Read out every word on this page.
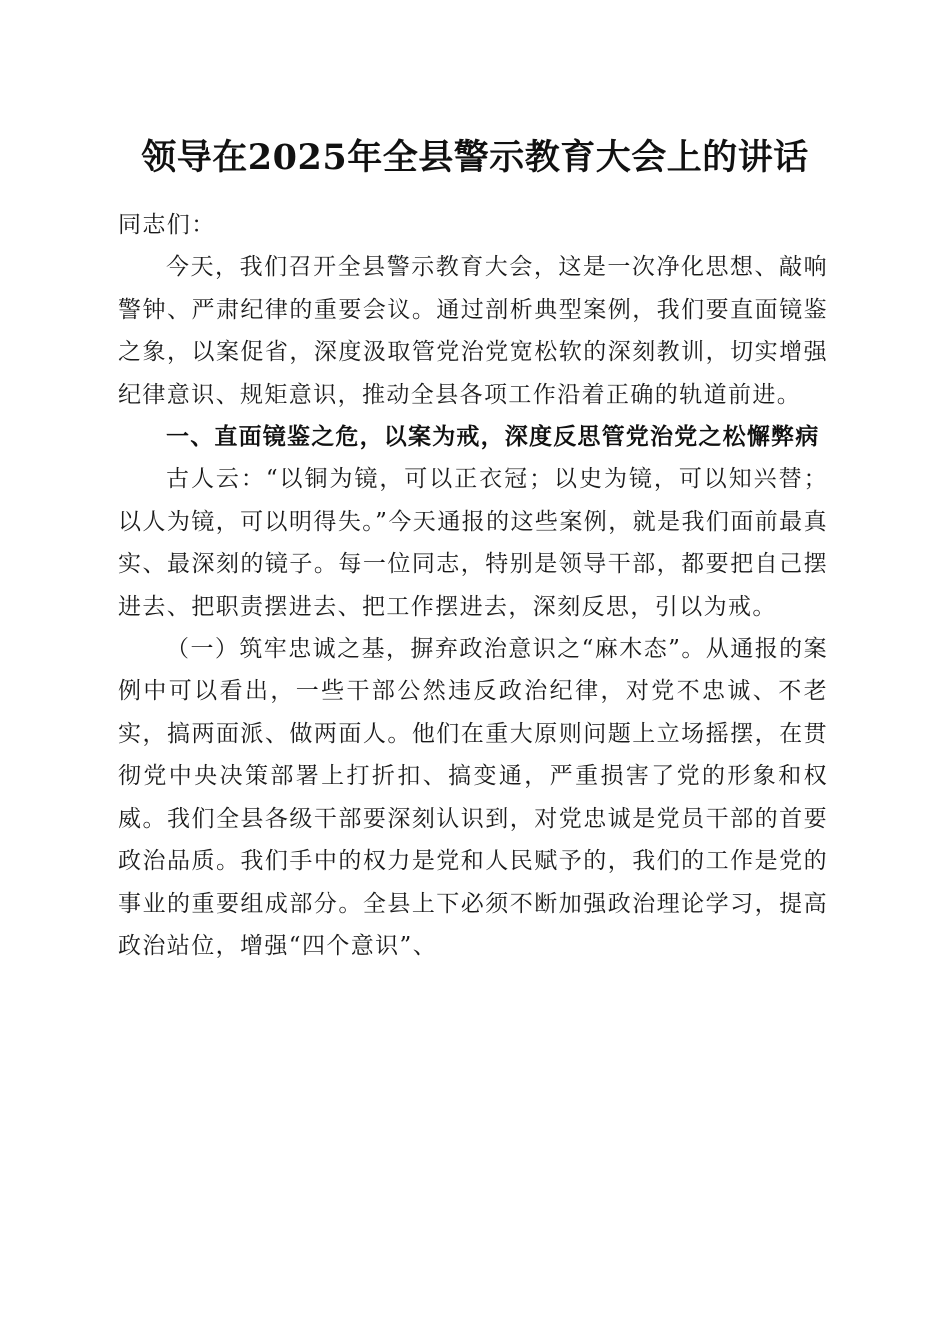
领导在2025年全县警示教育大会上的讲话

同志们：

今天，我们召开全县警示教育大会，这是一次净化思想、敲响警钟、严肃纪律的重要会议。通过剖析典型案例，我们要直面镜鉴之象，以案促省，深度汲取管党治党宽松软的深刻教训，切实增强纪律意识、规矩意识，推动全县各项工作沿着正确的轨道前进。

一、直面镜鉴之危，以案为戒，深度反思管党治党之松懈弊病

古人云：“以铜为镜，可以正衣冠；以史为镜，可以知兴替；以人为镜，可以明得失。”今天通报的这些案例，就是我们面前最真实、最深刻的镜子。每一位同志，特别是领导干部，都要把自己摆进去、把职责摆进去、把工作摆进去，深刻反思，引以为戒。

（一）筑牢忠诚之基，摒弃政治意识之“麻木态”。从通报的案例中可以看出，一些干部公然违反政治纪律，对党不忠诚、不老实，搞两面派、做两面人。他们在重大原则问题上立场摇摆，在贯彻党中央决策部署上打折扣、搞变通，严重损害了党的形象和权威。我们全县各级干部要深刻认识到，对党忠诚是党员干部的首要政治品质。我们手中的权力是党和人民赋予的，我们的工作是党的事业的重要组成部分。全县上下必须不断加强政治理论学习，提高政治站位，增强“四个意识”、
